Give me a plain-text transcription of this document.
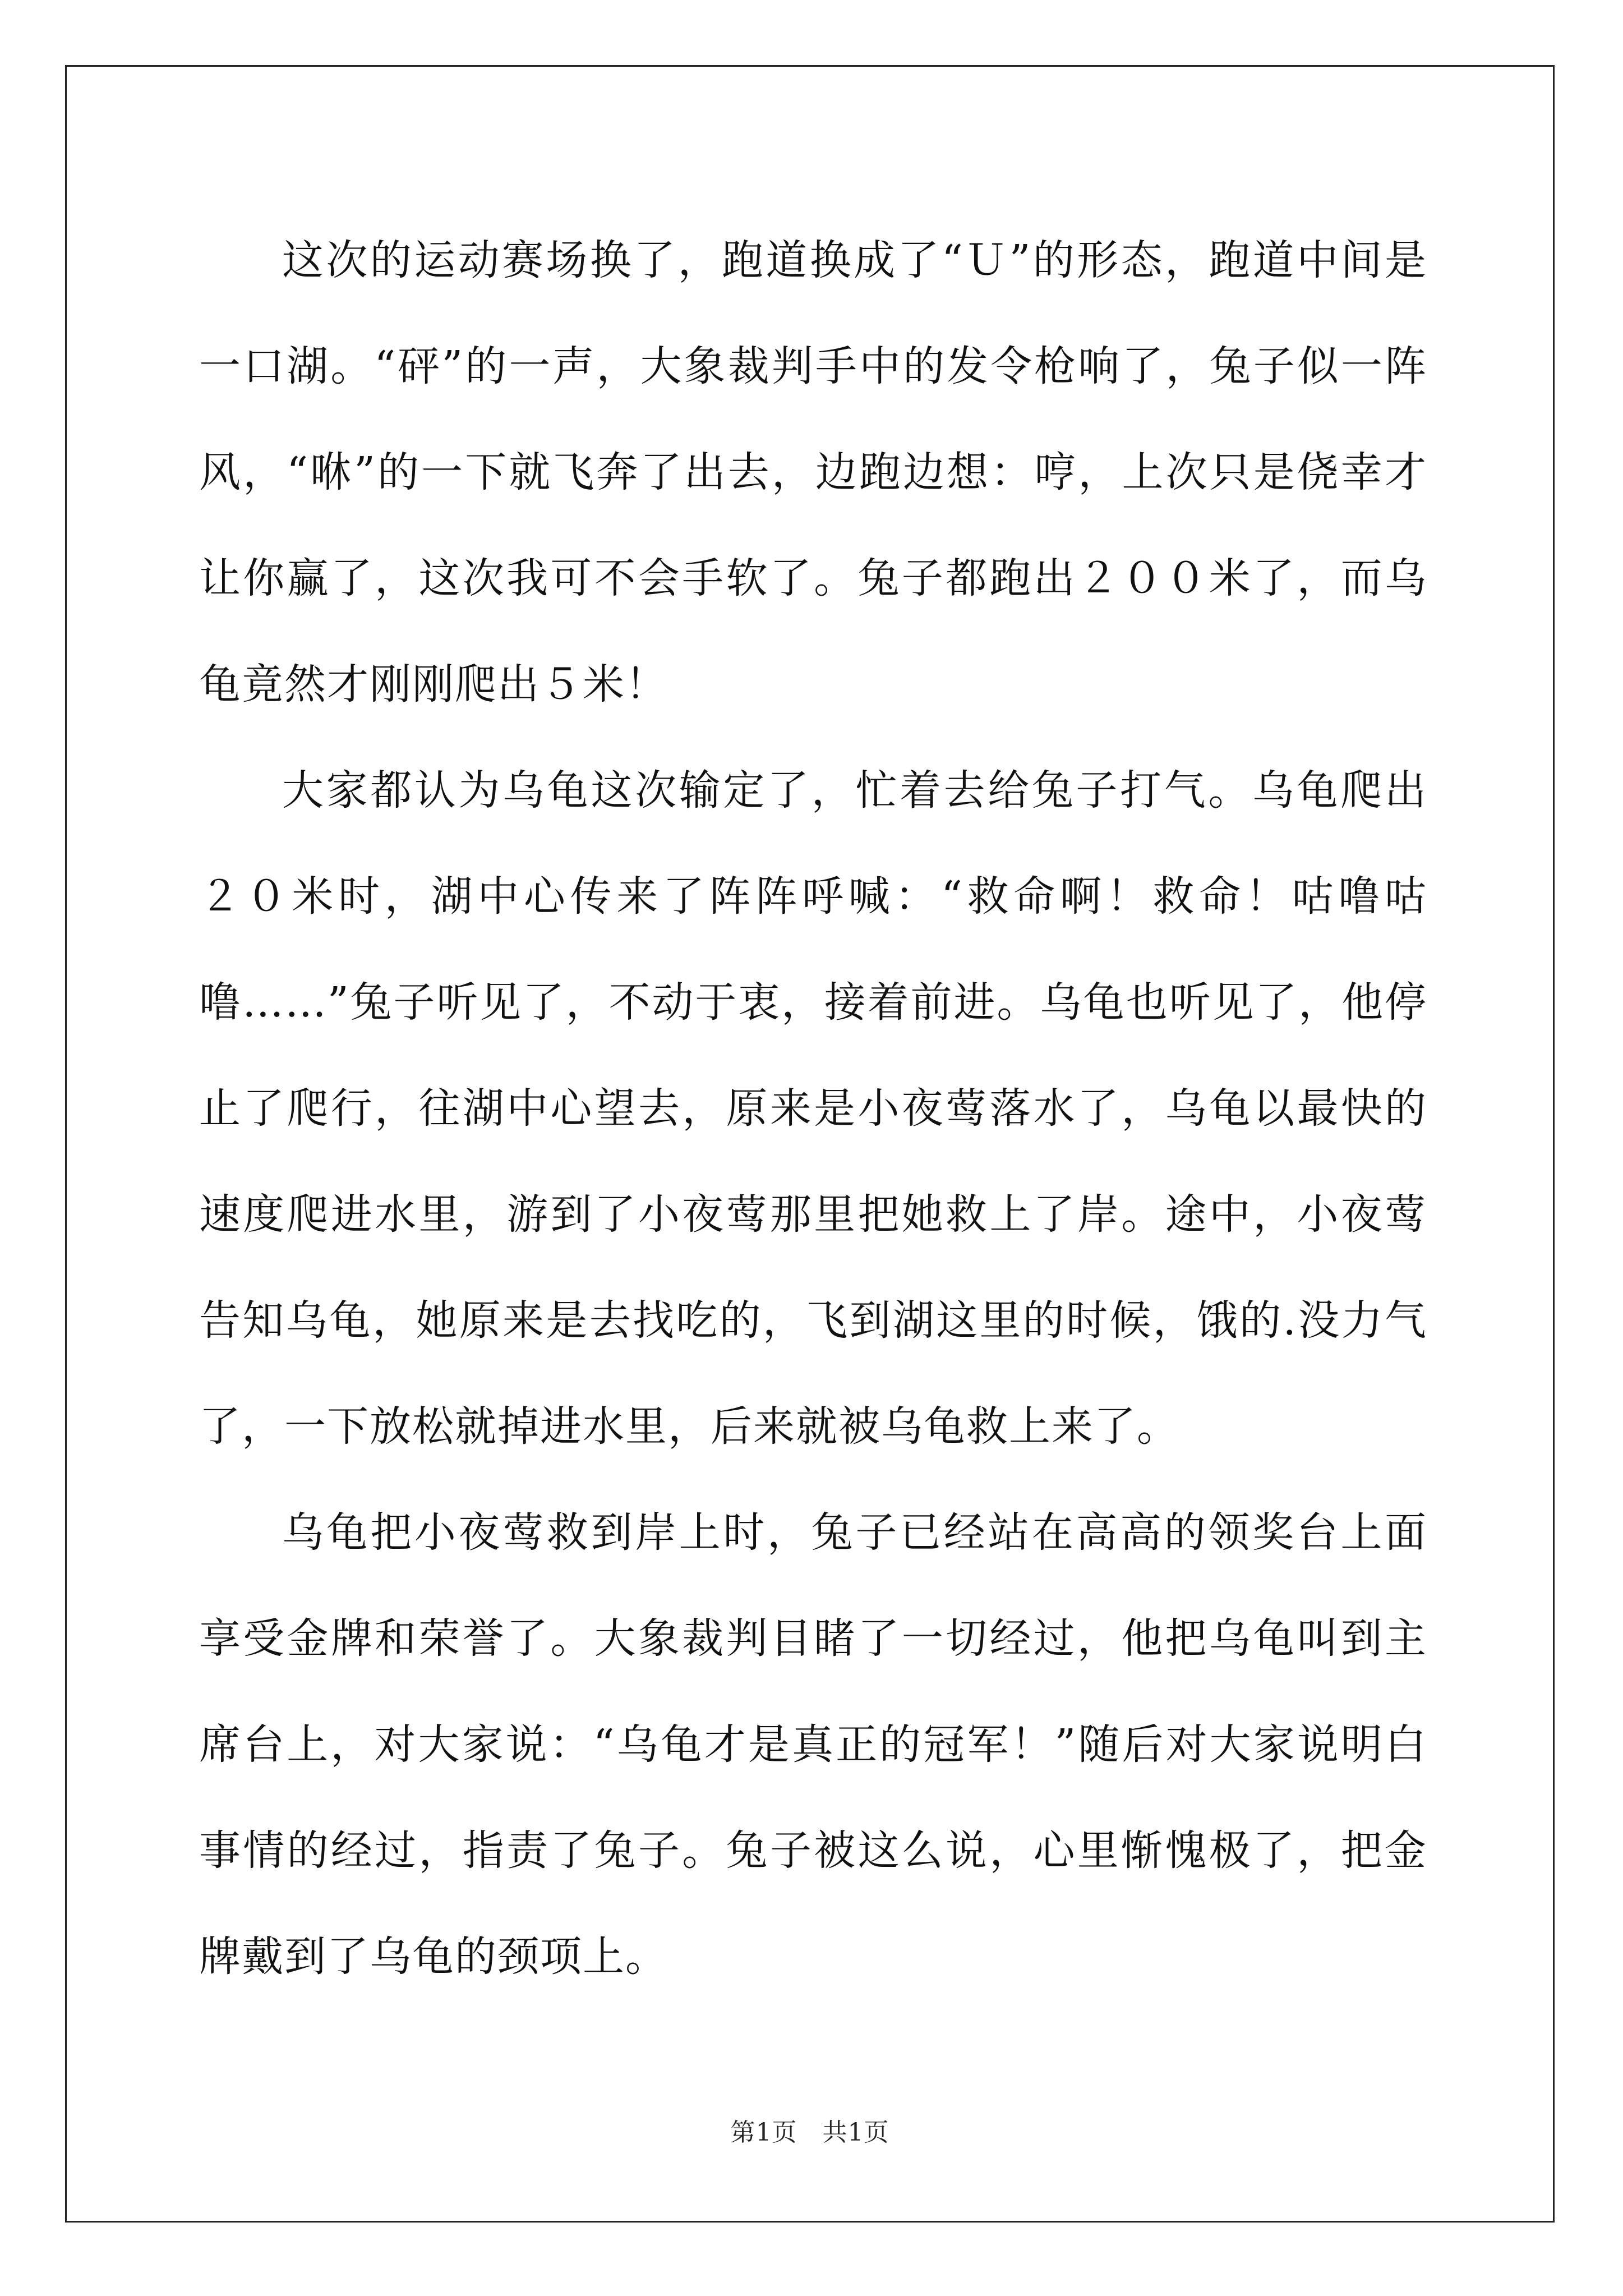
这次的运动赛场换了，跑道换成了“Ｕ”的形态，跑道中间是一口湖。“砰”的一声，大象裁判手中的发令枪响了，兔子似一阵风，“咻”的一下就飞奔了出去，边跑边想：哼，上次只是侥幸才让你赢了，这次我可不会手软了。兔子都跑出２００米了，而乌龟竟然才刚刚爬出５米！

大家都认为乌龟这次输定了，忙着去给兔子打气。乌龟爬出２０米时，湖中心传来了阵阵呼喊：“救命啊！救命！咕噜咕噜……”兔子听见了，不动于衷，接着前进。乌龟也听见了，他停止了爬行，往湖中心望去，原来是小夜莺落水了，乌龟以最快的速度爬进水里，游到了小夜莺那里把她救上了岸。途中，小夜莺告知乌龟，她原来是去找吃的，飞到湖这里的时候，饿的.没力气了，一下放松就掉进水里，后来就被乌龟救上来了。

乌龟把小夜莺救到岸上时，兔子已经站在高高的领奖台上面享受金牌和荣誉了。大象裁判目睹了一切经过，他把乌龟叫到主席台上，对大家说：“乌龟才是真正的冠军！”随后对大家说明白事情的经过，指责了兔子。兔子被这么说，心里惭愧极了，把金牌戴到了乌龟的颈项上。

第1页　共1页
